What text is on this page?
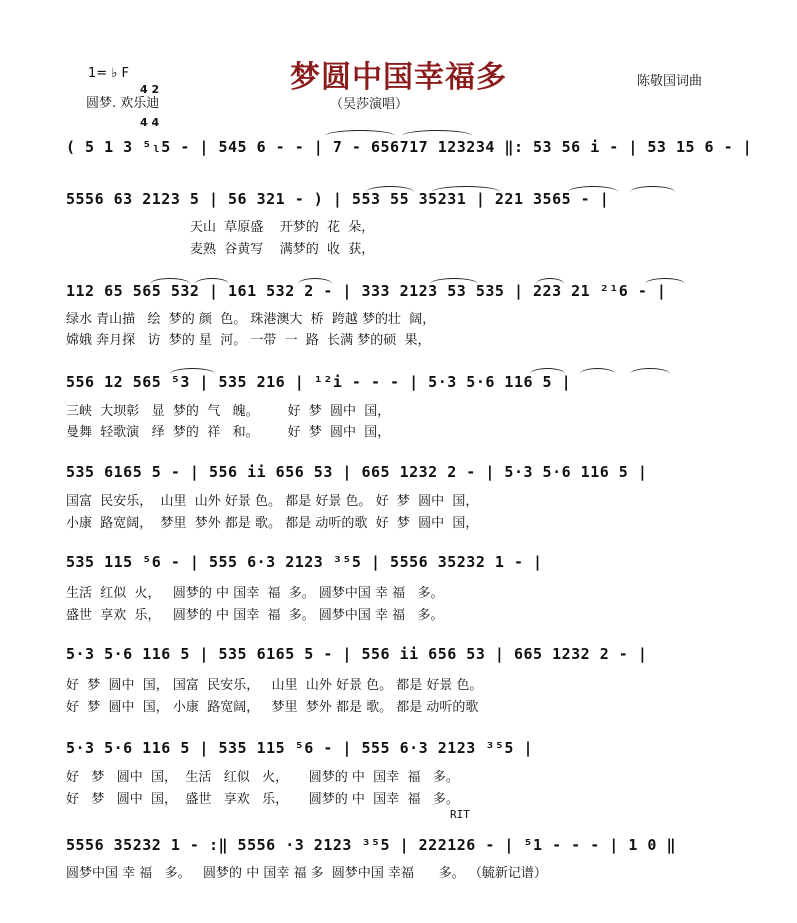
1= ♭ F

4 2

4 4

圆梦. 欢乐迪
梦圆中国幸福多
（吴莎演唱）
陈敬国词曲
( 5 1 3 ⁵ₗ5 - | 545 6 - - | 7 - 656717 123234 ‖: 53 56 i - | 53 15 6 - |
5556 63 2123 5 | 56 321 - ) | 553 55 35231 | 221 3565 - |
天山  草原盛    开梦的  花  朵，
麦熟  谷黄写    满梦的  收  获，
112 65 565 532 | 161 532 2 - | 333 2123 53 535 | 223 21 ²¹6 - |
绿水 青山描   绘  梦的 颜  色。 珠港澳大  桥  跨越 梦的壮  阔，
嫦娥 奔月探   访  梦的 星  河。 一带  一  路  长满 梦的硕  果，
556 12 565 ⁵3 | 535 216 | ¹²i - - - | 5·3 5·6 116 5 |
三峡  大坝彰   显  梦的  气   魄。       好  梦  圆中  国，
曼舞  轻歌演   绎  梦的  祥   和。       好  梦  圆中  国，
535 6165 5 - | 556 ii 656 53 | 665 1232 2 - | 5·3 5·6 116 5 |
国富  民安乐，  山里  山外 好景 色。 都是 好景 色。 好  梦  圆中  国，
小康  路宽阔，  梦里  梦外 都是 歌。 都是 动听的歌  好  梦  圆中  国，
535 115 ⁵6 - | 555 6·3 2123 ³⁵5 | 5556 35232 1 - |
生活  红似  火，   圆梦的 中 国幸  福  多。 圆梦中国 幸 福   多。
盛世  享欢  乐，   圆梦的 中 国幸  福  多。 圆梦中国 幸 福   多。
5·3 5·6 116 5 | 535 6165 5 - | 556 ii 656 53 | 665 1232 2 - |
好  梦  圆中  国， 国富  民安乐，   山里  山外 好景 色。 都是 好景 色。
好  梦  圆中  国， 小康  路宽阔，   梦里  梦外 都是 歌。 都是 动听的歌
5·3 5·6 116 5 | 535 115 ⁵6 - | 555 6·3 2123 ³⁵5 |
好   梦   圆中  国，  生活   红似   火，     圆梦的 中  国幸  福   多。
好   梦   圆中  国，  盛世   享欢   乐，     圆梦的 中  国幸  福   多。
RIT
5556 35232 1 - :‖ 5556 ·3 2123 ³⁵5 | 222126 - | ⁵1 - - - | 1 0 ‖
圆梦中国 幸 福   多。   圆梦的 中 国幸 福 多  圆梦中国 幸福      多。 （毓新记谱）
